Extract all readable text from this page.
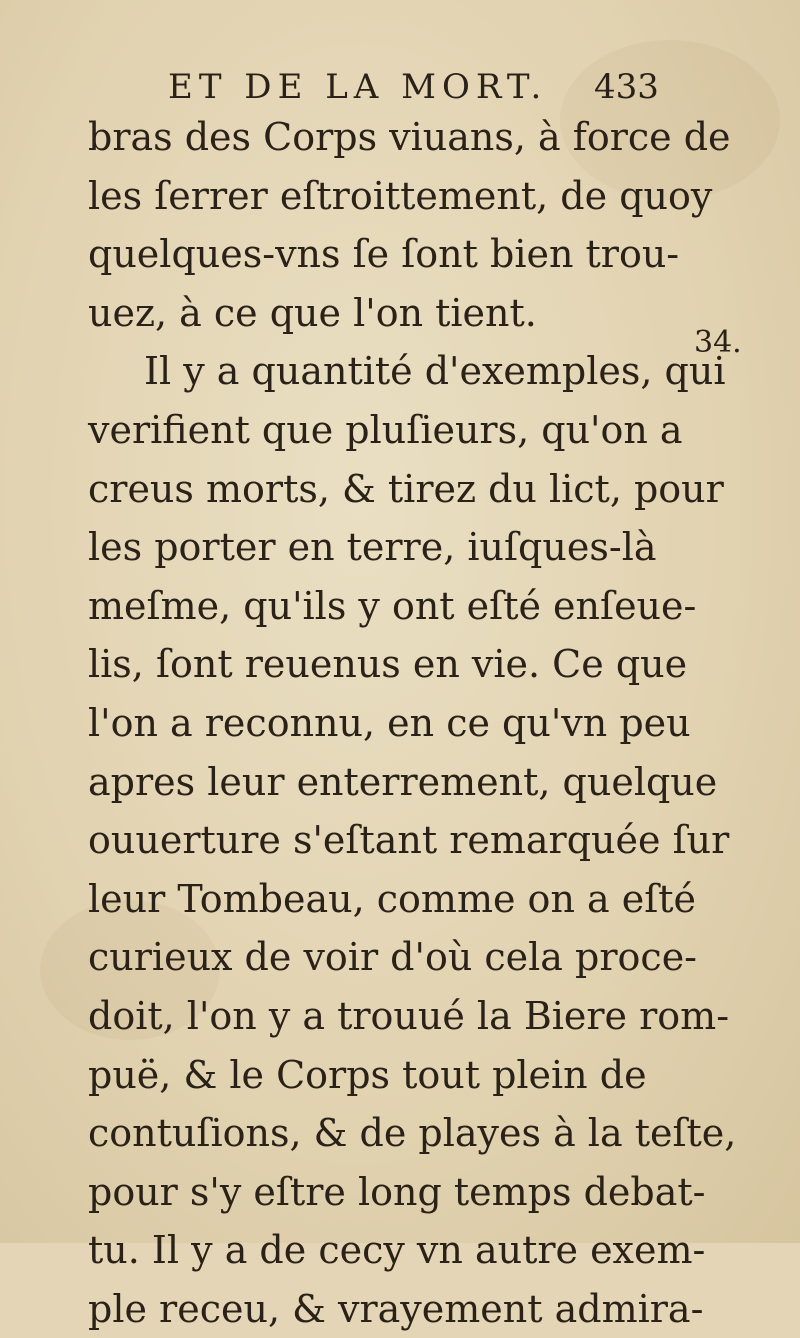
ET DE LA MORT. 433
34.
bras des Corps viuans, à force de
les ſerrer eſtroittement, de quoy
quelques-vns ſe ſont bien trou-
uez, à ce que l'on tient.
Il y a quantité d'exemples, qui
verifient que pluſieurs, qu'on a
creus morts, & tirez du lict, pour
les porter en terre, iuſques-là
meſme, qu'ils y ont eſté enſeue-
lis, ſont reuenus en vie. Ce que
l'on a reconnu, en ce qu'vn peu
apres leur enterrement, quelque
ouuerture s'eſtant remarquée ſur
leur Tombeau, comme on a eſté
curieux de voir d'où cela proce-
doit, l'on y a trouué la Biere rom-
puë, & le Corps tout plein de
contuſions, & de playes à la teſte,
pour s'y eſtre long temps debat-
tu. Il y a de cecy vn autre exem-
ple receu, & vrayement admira-
